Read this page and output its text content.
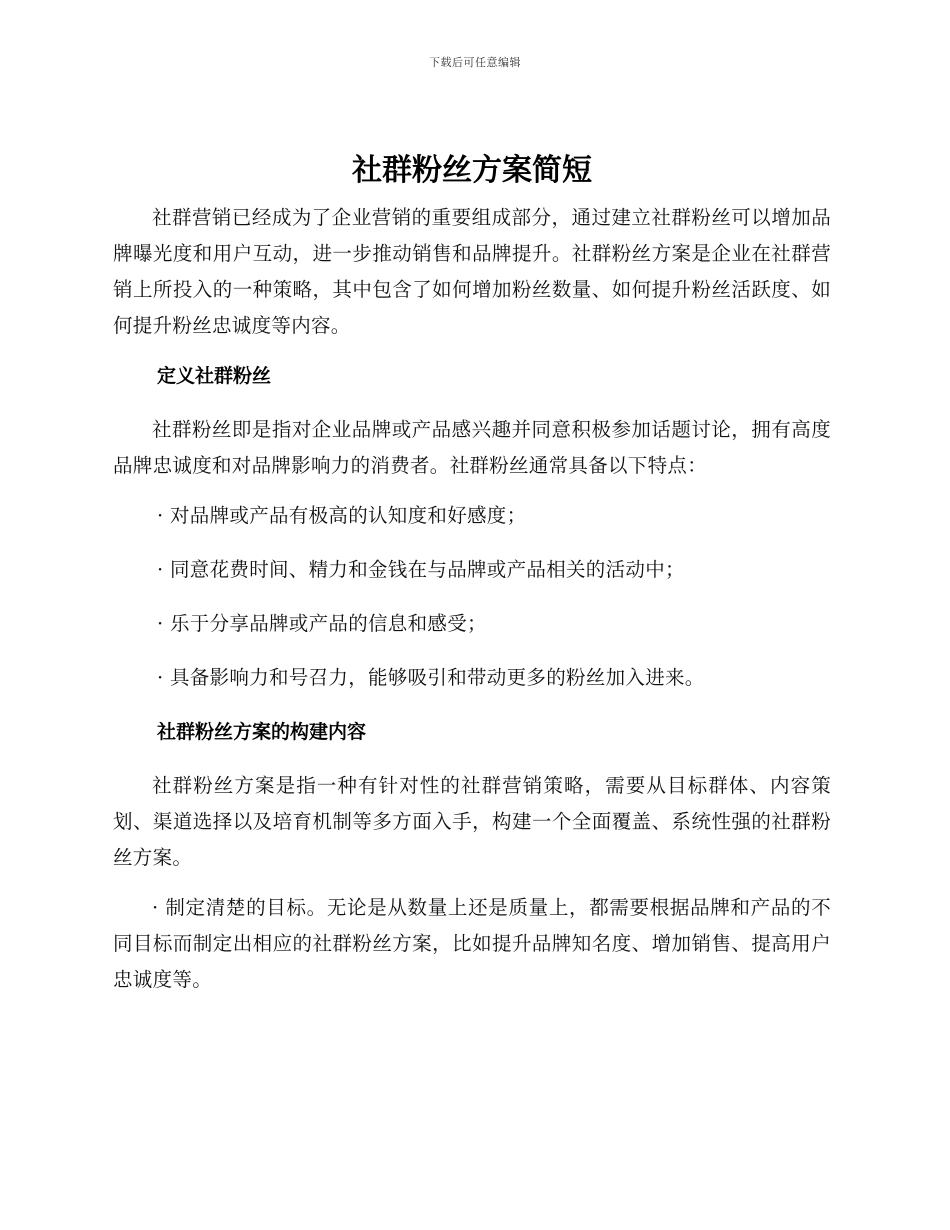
下载后可任意编辑
社群粉丝方案简短

社群营销已经成为了企业营销的重要组成部分，通过建立社群粉丝可以增加品牌曝光度和用户互动，进一步推动销售和品牌提升。社群粉丝方案是企业在社群营销上所投入的一种策略，其中包含了如何增加粉丝数量、如何提升粉丝活跃度、如何提升粉丝忠诚度等内容。

定义社群粉丝

社群粉丝即是指对企业品牌或产品感兴趣并同意积极参加话题讨论，拥有高度品牌忠诚度和对品牌影响力的消费者。社群粉丝通常具备以下特点：

· 对品牌或产品有极高的认知度和好感度；
· 同意花费时间、精力和金钱在与品牌或产品相关的活动中；
· 乐于分享品牌或产品的信息和感受；
· 具备影响力和号召力，能够吸引和带动更多的粉丝加入进来。
社群粉丝方案的构建内容

社群粉丝方案是指一种有针对性的社群营销策略，需要从目标群体、内容策划、渠道选择以及培育机制等多方面入手，构建一个全面覆盖、系统性强的社群粉丝方案。

· 制定清楚的目标。无论是从数量上还是质量上，都需要根据品牌和产品的不同目标而制定出相应的社群粉丝方案，比如提升品牌知名度、增加销售、提高用户忠诚度等。
